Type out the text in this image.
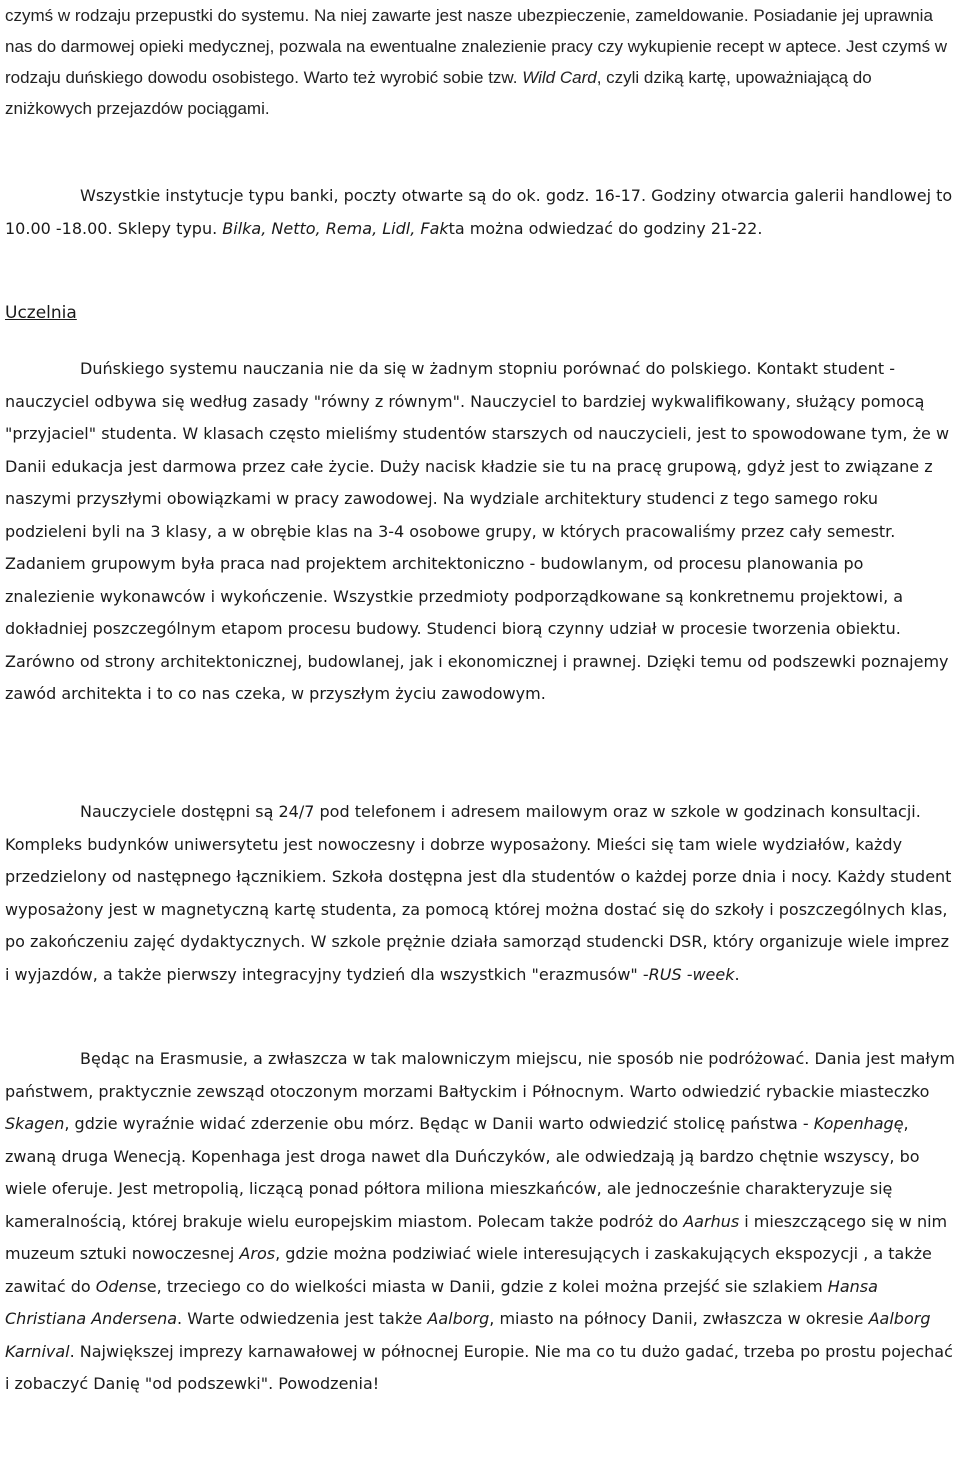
czymś w rodzaju przepustki do systemu. Na niej zawarte jest nasze ubezpieczenie, zameldowanie. Posiadanie jej uprawnia nas do darmowej opieki medycznej, pozwala na ewentualne znalezienie pracy czy wykupienie recept w aptece. Jest czymś w rodzaju duńskiego dowodu osobistego. Warto też wyrobić sobie tzw. Wild Card, czyli dziką kartę, upoważniającą do zniżkowych przejazdów pociągami.

Wszystkie instytucje typu banki, poczty otwarte są do ok. godz. 16-17. Godziny otwarcia galerii handlowej to 10.00 -18.00. Sklepy typu. Bilka, Netto, Rema, Lidl, Fakta można odwiedzać do godziny 21-22.

Uczelnia

Duńskiego systemu nauczania nie da się w żadnym stopniu porównać do polskiego. Kontakt student - nauczyciel odbywa się według zasady "równy z równym". Nauczyciel to bardziej wykwalifikowany, służący pomocą "przyjaciel" studenta. W klasach często mieliśmy studentów starszych od nauczycieli, jest to spowodowane tym, że w Danii edukacja jest darmowa przez całe życie. Duży nacisk kładzie sie tu na pracę grupową, gdyż jest to związane z naszymi przyszłymi obowiązkami w pracy zawodowej. Na wydziale architektury studenci z tego samego roku podzieleni byli na 3 klasy, a w obrębie klas na 3-4 osobowe grupy, w których pracowaliśmy przez cały semestr. Zadaniem grupowym była praca nad projektem architektoniczno - budowlanym, od procesu planowania po znalezienie wykonawców i wykończenie. Wszystkie przedmioty podporządkowane są konkretnemu projektowi, a dokładniej poszczególnym etapom procesu budowy. Studenci biorą czynny udział w procesie tworzenia obiektu. Zarówno od strony architektonicznej, budowlanej, jak i ekonomicznej i prawnej. Dzięki temu od podszewki poznajemy zawód architekta i to co nas czeka, w przyszłym życiu zawodowym.

Nauczyciele dostępni są 24/7 pod telefonem i adresem mailowym oraz w szkole w godzinach konsultacji. Kompleks budynków uniwersytetu jest nowoczesny i dobrze wyposażony. Mieści się tam wiele wydziałów, każdy przedzielony od następnego łącznikiem. Szkoła dostępna jest dla studentów o każdej porze dnia i nocy. Każdy student wyposażony jest w magnetyczną kartę studenta, za pomocą której można dostać się do szkoły i poszczególnych klas, po zakończeniu zajęć dydaktycznych. W szkole prężnie działa samorząd studencki DSR, który organizuje wiele imprez i wyjazdów, a także pierwszy integracyjny tydzień dla wszystkich "erazmusów" -RUS -week.

Będąc na Erasmusie, a zwłaszcza w tak malowniczym miejscu, nie sposób nie podróżować. Dania jest małym państwem, praktycznie zewsząd otoczonym morzami Bałtyckim i Północnym. Warto odwiedzić rybackie miasteczko Skagen, gdzie wyraźnie widać zderzenie obu mórz. Będąc w Danii warto odwiedzić stolicę państwa - Kopenhagę, zwaną druga Wenecją. Kopenhaga jest droga nawet dla Duńczyków, ale odwiedzają ją bardzo chętnie wszyscy, bo wiele oferuje. Jest metropolią, liczącą ponad półtora miliona mieszkańców, ale jednocześnie charakteryzuje się kameralnością, której brakuje wielu europejskim miastom. Polecam także podróż do Aarhus i mieszczącego się w nim muzeum sztuki nowoczesnej Aros, gdzie można podziwiać wiele interesujących i zaskakujących ekspozycji , a także zawitać do Odense, trzeciego co do wielkości miasta w Danii, gdzie z kolei można przejść sie szlakiem Hansa Christiana Andersena. Warte odwiedzenia jest także Aalborg, miasto na północy Danii, zwłaszcza w okresie Aalborg Karnival. Największej imprezy karnawałowej w północnej Europie. Nie ma co tu dużo gadać, trzeba po prostu pojechać i zobaczyć Danię "od podszewki". Powodzenia!
